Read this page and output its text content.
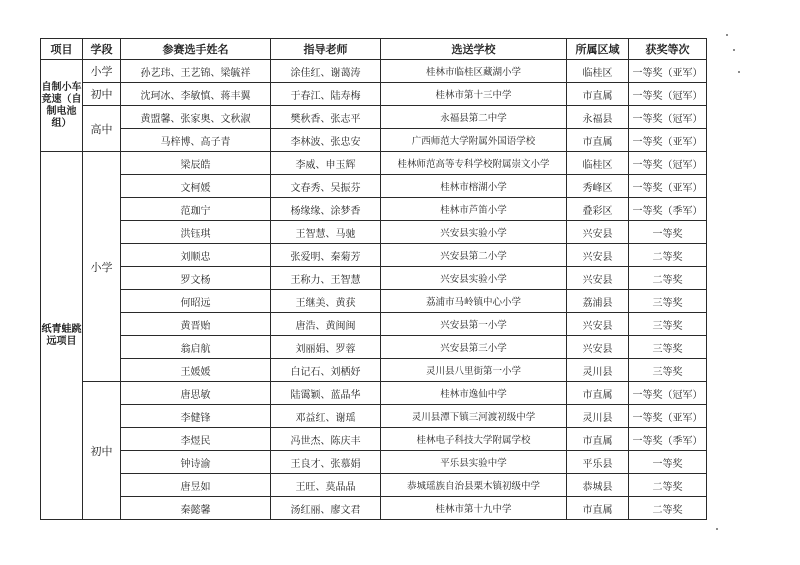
项目	学段	参赛选手姓名	指导老师	选送学校	所属区域	获奖等次
自制小车竞速（自制电池组）	小学	孙艺玮、王艺锦、梁毓祥	涂佳红、谢蔼涛	桂林市临桂区藏湖小学	临桂区	一等奖（亚军）
	初中	沈珂冰、李敏慎、蒋丰翼	于春江、陆寿梅	桂林市第十三中学	市直属	一等奖（冠军）
	高中	黄盟馨、张家奥、文秋淑	樊秋香、张志平	永福县第二中学	永福县	一等奖（冠军）
		马梓博、高子青	李林波、张忠安	广西师范大学附属外国语学校	市直属	一等奖（亚军）
纸青蛙跳远项目	小学	梁辰皓	李威、申玉辉	桂林师范高等专科学校附属崇文小学	临桂区	一等奖（冠军）
		文柯媛	文春秀、吴振芬	桂林市榕湖小学	秀峰区	一等奖（亚军）
		范珈宁	杨缘缘、涂梦香	桂林市芦笛小学	叠彩区	一等奖（季军）
		洪钰琪	王智慧、马驰	兴安县实验小学	兴安县	一等奖
		刘顺忠	张爱明、秦菊芳	兴安县第二小学	兴安县	二等奖
		罗文杨	王称力、王智慧	兴安县实验小学	兴安县	二等奖
		何昭远	王继美、黄获	荔浦市马岭镇中心小学	荔浦县	三等奖
		黄晋贻	唐浩、黄闽闽	兴安县第一小学	兴安县	三等奖
		翁启航	刘丽娟、罗蓉	兴安县第三小学	兴安县	三等奖
		王媛媛	白记石、刘栖妤	灵川县八里街第一小学	灵川县	三等奖
	初中	唐思敏	陆霭颖、蓝晶华	桂林市逸仙中学	市直属	一等奖（冠军）
		李健锋	邓益红、谢瑶	灵川县潭下镇三河渡初级中学	灵川县	一等奖（亚军）
		李煜民	冯世杰、陈庆丰	桂林电子科技大学附属学校	市直属	一等奖（季军）
		钟诗渝	王良才、张慕娟	平乐县实验中学	平乐县	一等奖
		唐昱如	王旺、莫晶晶	恭城瑶族自治县栗木镇初级中学	恭城县	二等奖
		秦懿馨	汤红丽、廖文君	桂林市第十九中学	市直属	二等奖
